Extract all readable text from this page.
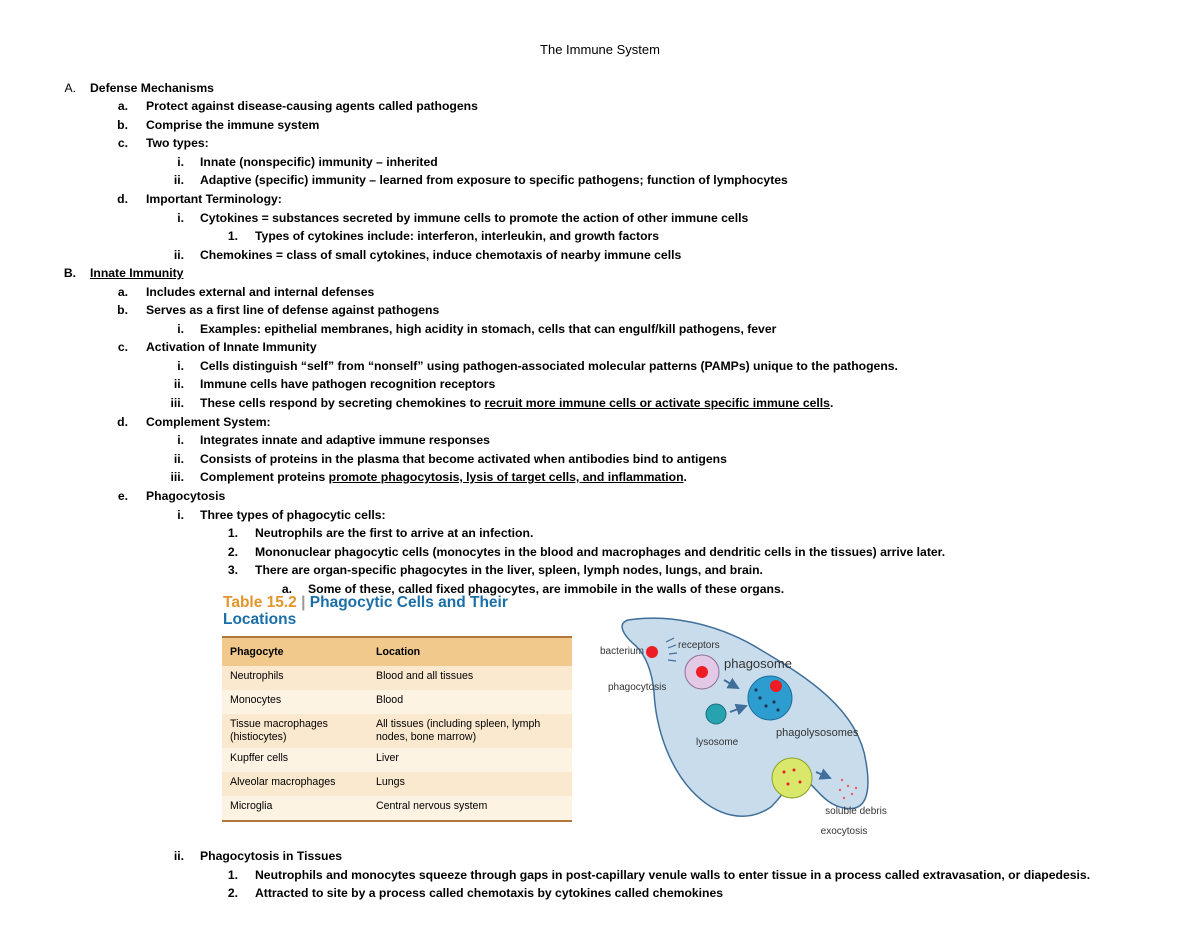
The Immune System
A. Defense Mechanisms
a. Protect against disease-causing agents called pathogens
b. Comprise the immune system
c. Two types:
i. Innate (nonspecific) immunity – inherited
ii. Adaptive (specific) immunity – learned from exposure to specific pathogens; function of lymphocytes
d. Important Terminology:
i. Cytokines = substances secreted by immune cells to promote the action of other immune cells
1. Types of cytokines include: interferon, interleukin, and growth factors
ii. Chemokines = class of small cytokines, induce chemotaxis of nearby immune cells
B. Innate Immunity
a. Includes external and internal defenses
b. Serves as a first line of defense against pathogens
i. Examples: epithelial membranes, high acidity in stomach, cells that can engulf/kill pathogens, fever
c. Activation of Innate Immunity
i. Cells distinguish “self” from “nonself” using pathogen-associated molecular patterns (PAMPs) unique to the pathogens.
ii. Immune cells have pathogen recognition receptors
iii. These cells respond by secreting chemokines to recruit more immune cells or activate specific immune cells.
d. Complement System:
i. Integrates innate and adaptive immune responses
ii. Consists of proteins in the plasma that become activated when antibodies bind to antigens
iii. Complement proteins promote phagocytosis, lysis of target cells, and inflammation.
e. Phagocytosis
i. Three types of phagocytic cells:
1. Neutrophils are the first to arrive at an infection.
2. Mononuclear phagocytic cells (monocytes in the blood and macrophages and dendritic cells in the tissues) arrive later.
3. There are organ-specific phagocytes in the liver, spleen, lymph nodes, lungs, and brain.
a. Some of these, called fixed phagocytes, are immobile in the walls of these organs.
ii. Phagocytosis in Tissues
1. Neutrophils and monocytes squeeze through gaps in post-capillary venule walls to enter tissue in a process called extravasation, or diapedesis.
2. Attracted to site by a process called chemotaxis by cytokines called chemokines
Table 15.2 | Phagocytic Cells and Their
Locations
Phagocyte	Location
Neutrophils	Blood and all tissues
Monocytes	Blood
Tissue macrophages
(histiocytes)	All tissues (including spleen, lymph
nodes, bone marrow)
Kupffer cells	Liver
Alveolar macrophages	Lungs
Microglia	Central nervous system
bacterium
receptors
phagosome
phagocytosis
lysosome
phagolysosomes
soluble debris
exocytosis
